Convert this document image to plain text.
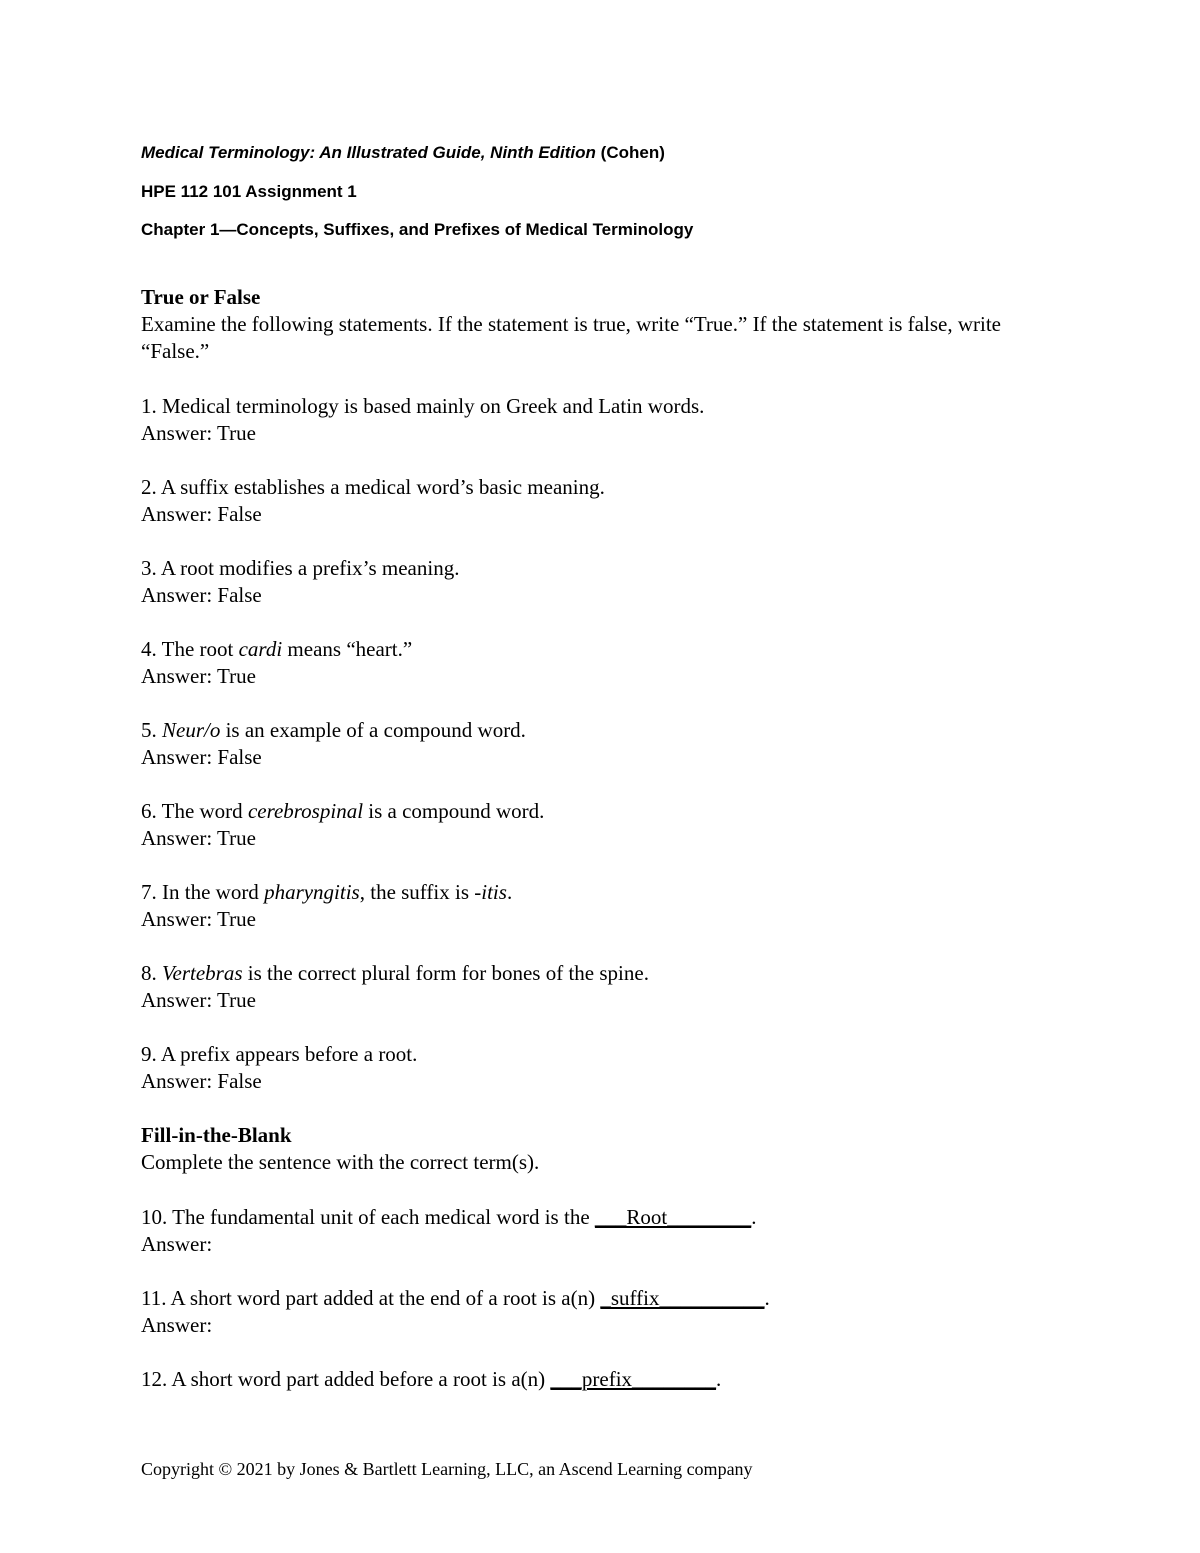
Medical Terminology: An Illustrated Guide, Ninth Edition (Cohen)
HPE 112 101 Assignment 1
Chapter 1—Concepts, Suffixes, and Prefixes of Medical Terminology
True or False
Examine the following statements. If the statement is true, write “True.” If the statement is false, write “False.”
1. Medical terminology is based mainly on Greek and Latin words.
Answer: True
2. A suffix establishes a medical word’s basic meaning.
Answer: False
3. A root modifies a prefix’s meaning.
Answer: False
4. The root cardi means “heart.”
Answer: True
5. Neur/o is an example of a compound word.
Answer: False
6. The word cerebrospinal is a compound word.
Answer: True
7. In the word pharyngitis, the suffix is -itis.
Answer: True
8. Vertebras is the correct plural form for bones of the spine.
Answer: True
9. A prefix appears before a root.
Answer: False
Fill-in-the-Blank
Complete the sentence with the correct term(s).
10. The fundamental unit of each medical word is the ___Root________.
Answer:
11. A short word part added at the end of a root is a(n) _suffix__________.
Answer:
12. A short word part added before a root is a(n) ___prefix________.
Copyright © 2021 by Jones & Bartlett Learning, LLC, an Ascend Learning company
